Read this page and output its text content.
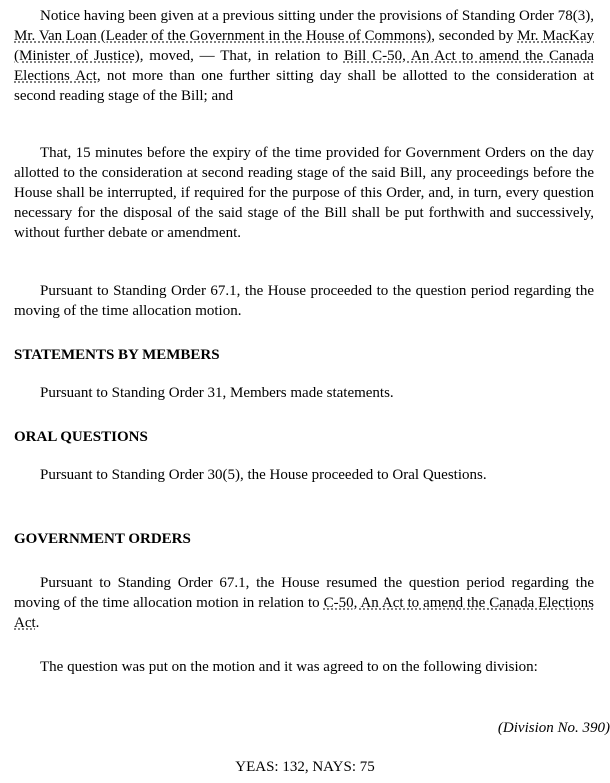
Notice having been given at a previous sitting under the provisions of Standing Order 78(3), Mr. Van Loan (Leader of the Government in the House of Commons), seconded by Mr. MacKay (Minister of Justice), moved, — That, in relation to Bill C-50, An Act to amend the Canada Elections Act, not more than one further sitting day shall be allotted to the consideration at second reading stage of the Bill; and

That, 15 minutes before the expiry of the time provided for Government Orders on the day allotted to the consideration at second reading stage of the said Bill, any proceedings before the House shall be interrupted, if required for the purpose of this Order, and, in turn, every question necessary for the disposal of the said stage of the Bill shall be put forthwith and successively, without further debate or amendment.

Pursuant to Standing Order 67.1, the House proceeded to the question period regarding the moving of the time allocation motion.

STATEMENTS BY MEMBERS

Pursuant to Standing Order 31, Members made statements.

ORAL QUESTIONS

Pursuant to Standing Order 30(5), the House proceeded to Oral Questions.

GOVERNMENT ORDERS

Pursuant to Standing Order 67.1, the House resumed the question period regarding the moving of the time allocation motion in relation to C-50, An Act to amend the Canada Elections Act.

The question was put on the motion and it was agreed to on the following division:

(Division No. 390)
YEAS: 132, NAYS: 75
